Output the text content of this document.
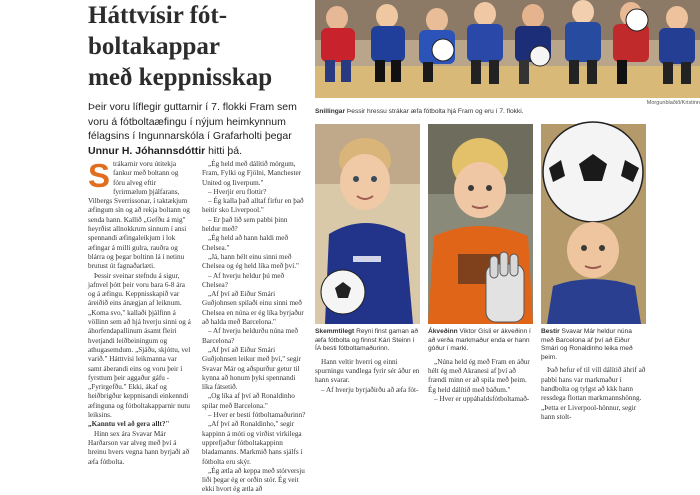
Háttvísir fót-
boltakappar
með keppnisskap
Þeir voru líflegir guttarnir í 7. flokki Fram sem voru á fótboltaæfingu í nýjum heimkynnum félagsins í Ingunnarskóla í Grafarholti þegar Unnur H. Jóhannsdóttir hitti þá.
S trákarnir voru útitekja fankur með boltann og fóru alveg eftir fyrirmælum þjálfarans, Vilbergs Sverrissonar, í taktækjum æfingum sín og að rekja boltann og senda hann. Kallið „Gefðu á mig" heyrðist allnokkrum sinnum í ansi spennandi æfingaleikjum í lok æfingar á milli gulra, rauðra og blárra og þegar boltinn lá í netinu brutust út fagnaðarlæti.

Þessir sveinar stefndu á sigur, jafnvel þótt þeir voru bara 6-8 ára og á æfingu. Keppnisskapið var áreiðið eins ánægjan af leiknum. „Koma svo," kallaði þjálfinn á völlinn sem að hjá hverju sinni og á áhorfendapallinum ásamt fleiri hvetjandi leiðbeiningum og athugasemdum. „Sjáðu, skjóttu, vel varið." Hátttvísi leikmanna var samt áberandi eins og voru þeir í fyrsttum þeir aggaður gáfu - „Fyrirgefðu." Ekki, ákaf og heiðbrigður keppnisandi einkenndi æfinguna og fótboltakapparnir nutu leiksins.

„Kanntu vel að gera allt?"

Hinn sex ára Svavar Már Harðarson var alveg með því á hreinu hvers vegna hann byrjaði að æfa fótbolta.

„Ég held með dálítið mörgum, Fram, Fylki og Fjölni, Manchester United og Iiverpum."

– Hverjir eru flottir?

– Ég kalla það alltaf fírfur en það heitir sko Liverpool."

– Er það lið sem pabbi þinn heldur með?

„Ég held að hann haldi með Chelsea."

„Já, hann hélt einu sinni með Chelsea og ég held líka með því."

– Af hverju heldur þú með Chelsea?

„Af því að Eiður Smári Guðjohnsen spilaði einu sinni með Chelsea en núna er ég líka byrjaður að halda með Barcelona."

– Af hverju heldurðu núna með Barcelona?

„Af því að Eiður Smári Guðjohnsen leikur með því," segir Svavar Már og aðspurður getur til kynna að honum þyki spennandi líka fátsetið.

„Og líka af því að Ronaldinho spilar með Barcelona."

– Hver er besti fótboltamaðurinn?

„Af því að Ronaldinho," segir kappinn á móti og virðist virkilega upprefjaður fótboltakappinn bladamanns. Markmið hans sjálfs í fótbolta eru skýr.

„Ég ætla að keppa með stórversju liði þegar ég er orðin stór. Ég veit ekki hvort ég ætla að

Morgunblaðið/Kristinn
Snillingar Þessir hressu strákar æfa fótbolta hjá Fram og eru í 7. flokki.
Skemmtilegt Reyni finst gaman að æfa fótbolta og finnst Kári Steinn í ÍA besti fótboltamaðurinn.

Hann veltir hverri og einni spurningu vandlega fyrir sér áður en hann svarar.

– Af hverju byrjaðirðu að æfa fót-

Ákveðinn Viktor Gísli er ákveðinn í að verða markmaður enda er hann góður í marki.

„Núna held ég með Fram en áður hélt ég með Akranesi af því að frændi minn er að spila með þeim. Ég held dálítið með báðum."

– Hver er uppáhaldsfótboltamað-

Bestir Svavar Már heldur núna með Barcelona af því að Eiður Smári og Ronaldinho leika með þeim.

Það hefur ef til vill dálítið áhrif að pabbi hans var markmaður í handbolta og tylgst að kkk hann ressdega flottan markmannshönng. „Þetta er Liverpool-hönnur, segir hann stolt-
